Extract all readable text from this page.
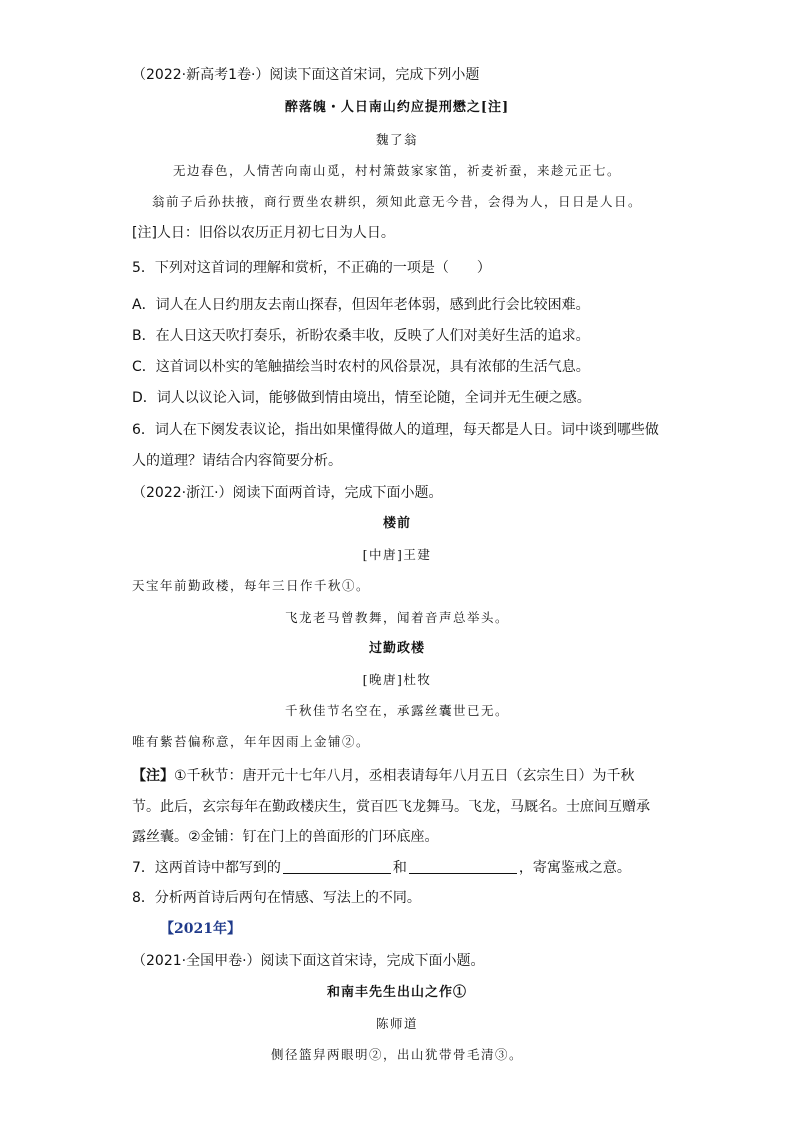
（2022·新高考1卷·）阅读下面这首宋词，完成下列小题
醉落魄・人日南山约应提刑懋之[注]
魏了翁
无边春色，人情苦向南山觅，村村箫鼓家家笛，祈麦祈蚕，来趁元正七。
翁前子后孙扶掖，商行贾坐农耕织，须知此意无今昔，会得为人，日日是人日。
[注]人日：旧俗以农历正月初七日为人日。
5．下列对这首词的理解和赏析，不正确的一项是（　　）
A．词人在人日约朋友去南山探春，但因年老体弱，感到此行会比较困难。
B．在人日这天吹打奏乐，祈盼农桑丰收，反映了人们对美好生活的追求。
C．这首词以朴实的笔触描绘当时农村的风俗景况，具有浓郁的生活气息。
D．词人以议论入词，能够做到情由境出，情至论随，全词并无生硬之感。
6．词人在下阕发表议论，指出如果懂得做人的道理，每天都是人日。词中谈到哪些做
人的道理？请结合内容简要分析。
（2022·浙江·）阅读下面两首诗，完成下面小题。
楼前
[中唐]王建
天宝年前勤政楼，每年三日作千秋①。
飞龙老马曾教舞，闻着音声总举头。
过勤政楼
[晚唐]杜牧
千秋佳节名空在，承露丝囊世已无。
唯有紫苔偏称意，年年因雨上金铺②。
【注】①千秋节：唐开元十七年八月，丞相表请每年八月五日（玄宗生日）为千秋
节。此后，玄宗每年在勤政楼庆生，赏百匹飞龙舞马。飞龙，马厩名。士庶间互赠承
露丝囊。②金铺：钉在门上的兽面形的门环底座。
7．这两首诗中都写到的	和	，寄寓鉴戒之意。
8．分析两首诗后两句在情感、写法上的不同。
【2021年】
（2021·全国甲卷·）阅读下面这首宋诗，完成下面小题。
和南丰先生出山之作①
陈师道
侧径篮舁两眼明②，出山犹带骨毛清③。
